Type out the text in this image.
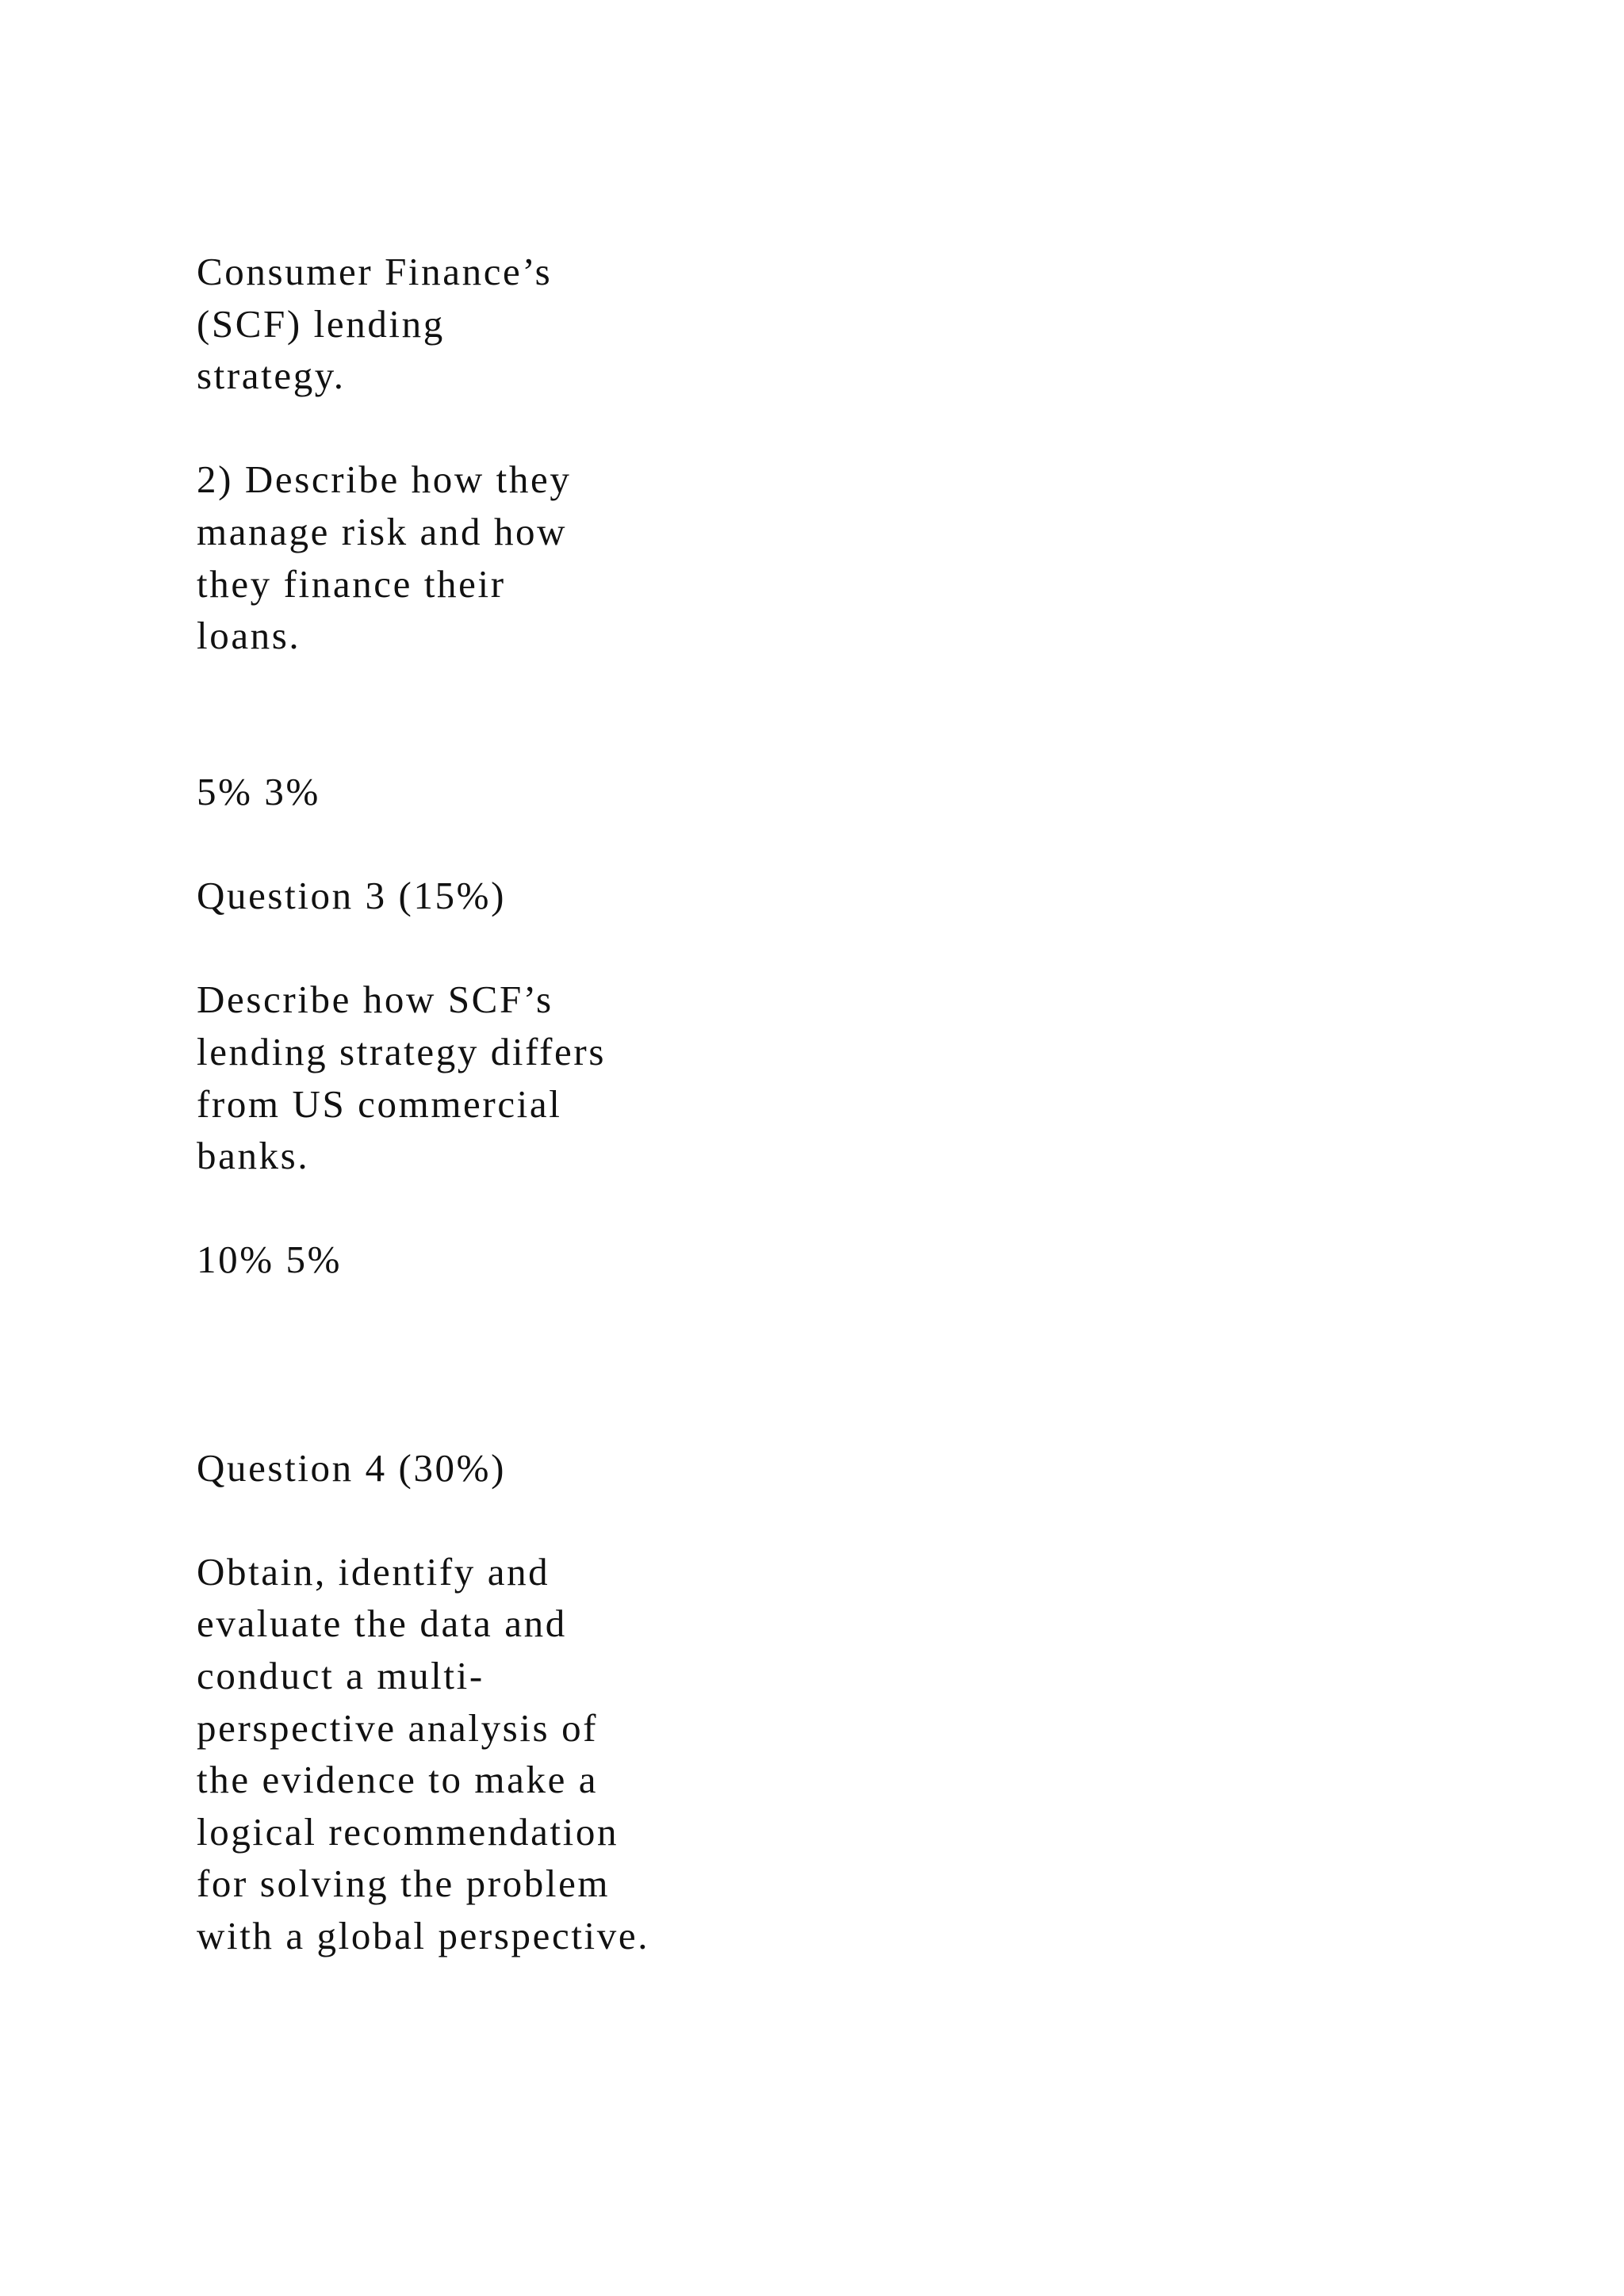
Consumer Finance’s
(SCF) lending
strategy.
2) Describe how they
manage risk and how
they finance their
loans.
5% 3%
Question 3 (15%)
Describe how SCF’s
lending strategy differs
from US commercial
banks.
10% 5%
Question 4 (30%)
Obtain, identify and
evaluate the data and
conduct a multi-
perspective analysis of
the evidence to make a
logical recommendation
for solving the problem
with a global perspective.
